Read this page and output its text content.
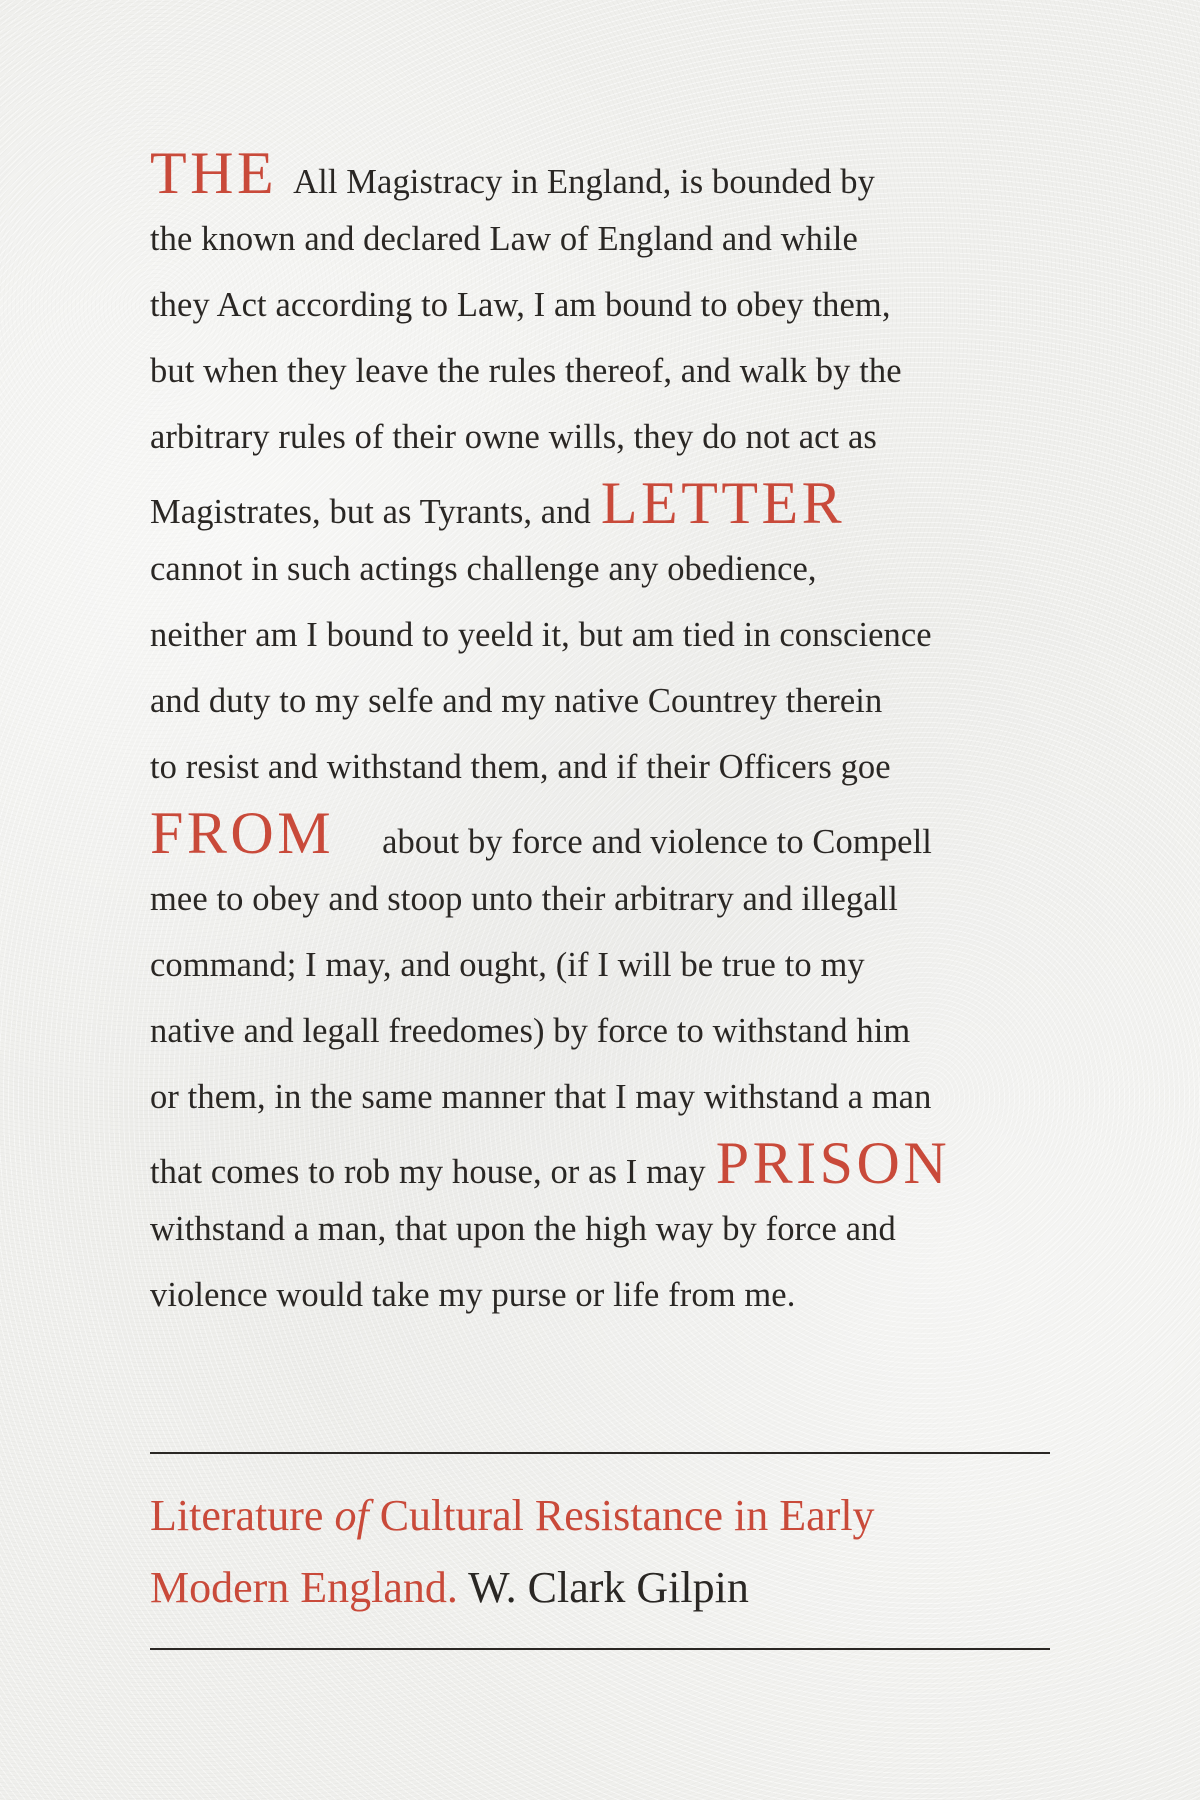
THE All Magistracy in England, is bounded by
the known and declared Law of England and while
they Act according to Law, I am bound to obey them,
but when they leave the rules thereof, and walk by the
arbitrary rules of their owne wills, they do not act as
Magistrates, but as Tyrants, and LETTER
cannot in such actings challenge any obedience,
neither am I bound to yeeld it, but am tied in conscience
and duty to my selfe and my native Countrey therein
to resist and withstand them, and if their Officers goe
FROM about by force and violence to Compell
mee to obey and stoop unto their arbitrary and illegall
command; I may, and ought, (if I will be true to my
native and legall freedomes) by force to withstand him
or them, in the same manner that I may withstand a man
that comes to rob my house, or as I may PRISON
withstand a man, that upon the high way by force and
violence would take my purse or life from me.
Literature of Cultural Resistance in Early
Modern England. W. Clark Gilpin
